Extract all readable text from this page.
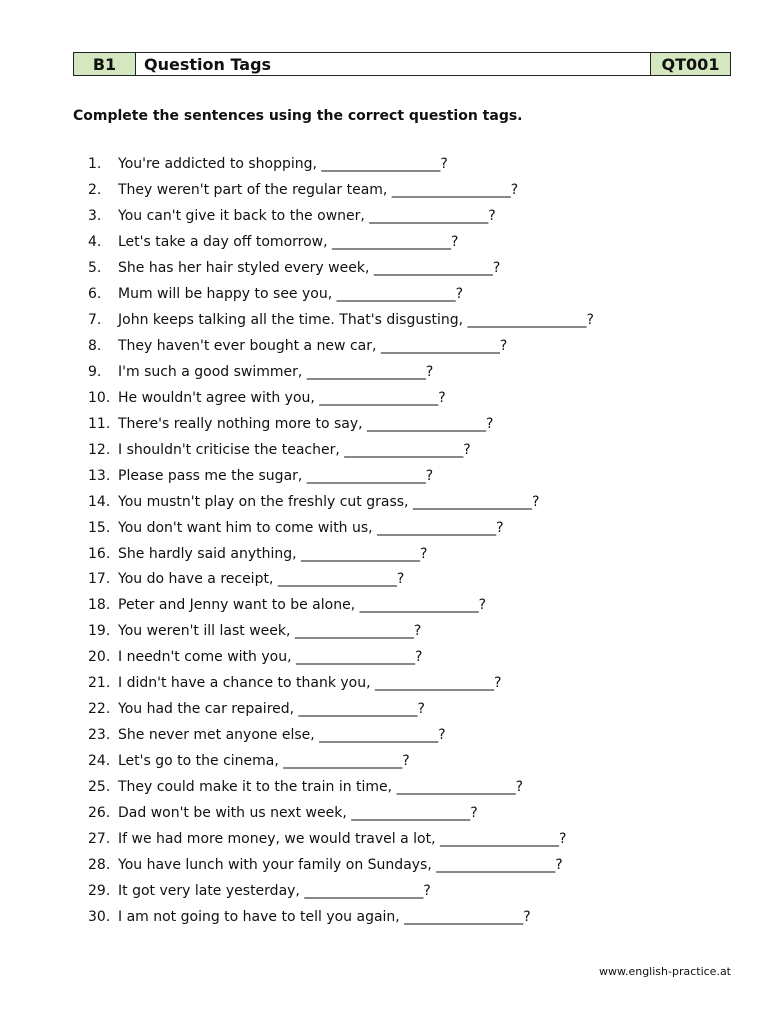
B1	Question Tags	QT001
Complete the sentences using the correct question tags.
1.	You're addicted to shopping, _________________?
2.	They weren't part of the regular team, _________________?
3.	You can't give it back to the owner, _________________?
4.	Let's take a day off tomorrow, _________________?
5.	She has her hair styled every week, _________________?
6.	Mum will be happy to see you, _________________?
7.	John keeps talking all the time. That's disgusting, _________________?
8.	They haven't ever bought a new car, _________________?
9.	I'm such a good swimmer, _________________?
10. He wouldn't agree with you, _________________?
11. There's really nothing more to say, _________________?
12. I shouldn't criticise the teacher, _________________?
13. Please pass me the sugar, _________________?
14. You mustn't play on the freshly cut grass, _________________?
15. You don't want him to come with us, _________________?
16. She hardly said anything, _________________?
17. You do have a receipt, _________________?
18. Peter and Jenny want to be alone, _________________?
19. You weren't ill last week, _________________?
20. I needn't come with you, _________________?
21. I didn't have a chance to thank you, _________________?
22. You had the car repaired, _________________?
23. She never met anyone else, _________________?
24. Let's go to the cinema, _________________?
25. They could make it to the train in time, _________________?
26. Dad won't be with us next week, _________________?
27. If we had more money, we would travel a lot, _________________?
28. You have lunch with your family on Sundays, _________________?
29. It got very late yesterday, _________________?
30. I am not going to have to tell you again, _________________?
www.english-practice.at
